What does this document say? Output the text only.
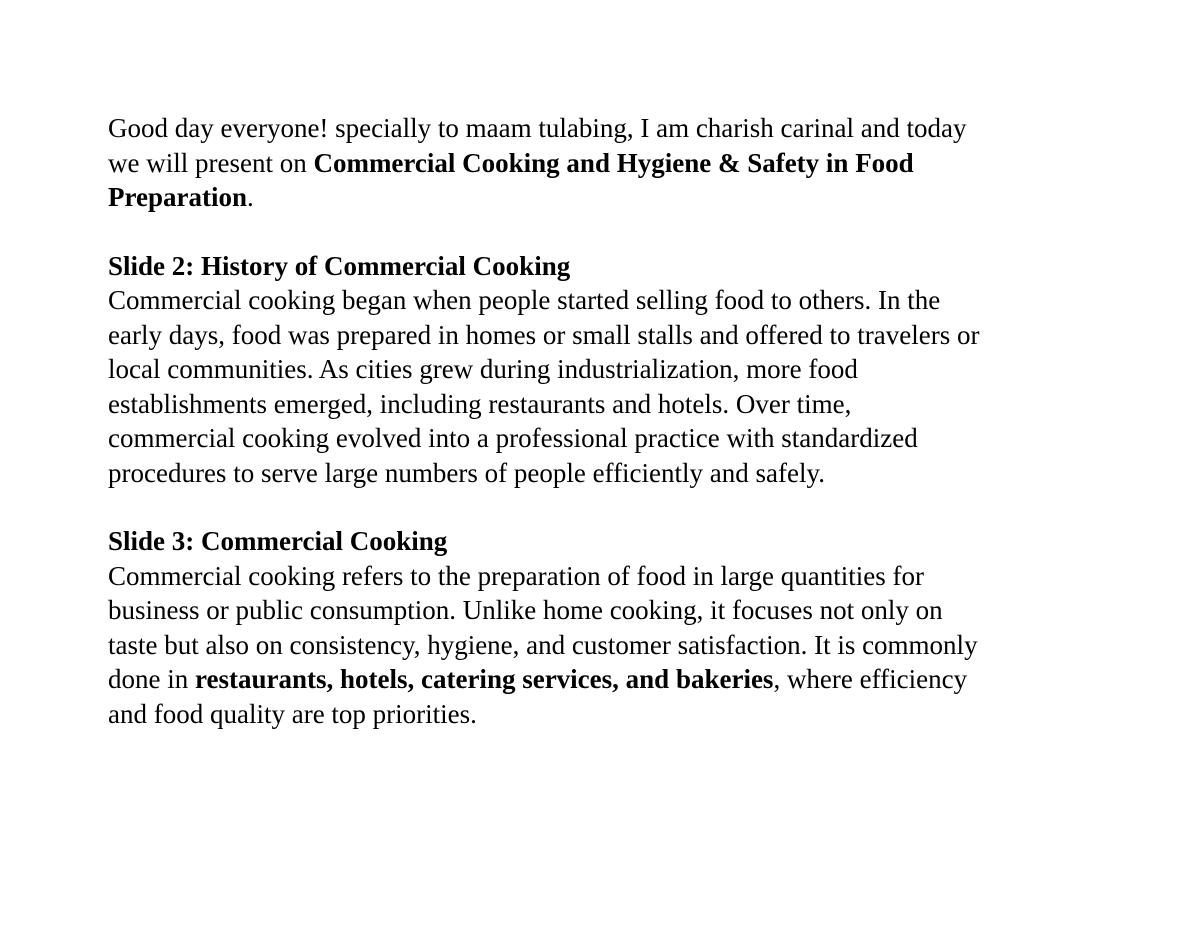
Good day everyone! specially to maam tulabing, I am charish carinal and today
we will present on Commercial Cooking and Hygiene & Safety in Food
Preparation.

Slide 2: History of Commercial Cooking
Commercial cooking began when people started selling food to others. In the
early days, food was prepared in homes or small stalls and offered to travelers or
local communities. As cities grew during industrialization, more food
establishments emerged, including restaurants and hotels. Over time,
commercial cooking evolved into a professional practice with standardized
procedures to serve large numbers of people efficiently and safely.

Slide 3: Commercial Cooking
Commercial cooking refers to the preparation of food in large quantities for
business or public consumption. Unlike home cooking, it focuses not only on
taste but also on consistency, hygiene, and customer satisfaction. It is commonly
done in restaurants, hotels, catering services, and bakeries, where efficiency
and food quality are top priorities.
